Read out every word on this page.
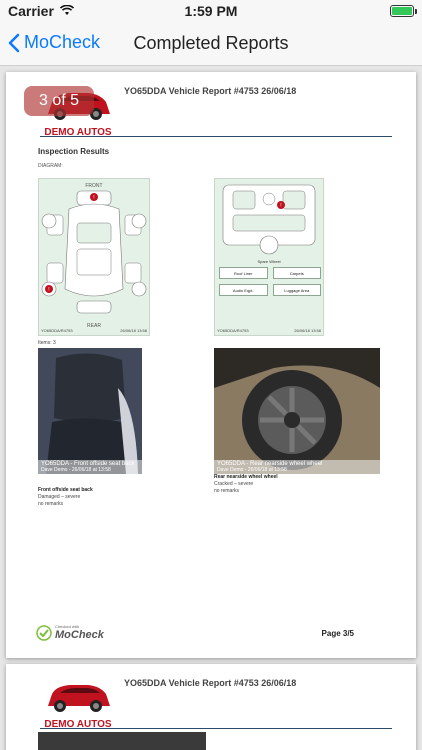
Carrier	1:59 PM
MoCheck	Completed Reports
DEMO AUTOS
3 of 5
YO65DDA Vehicle Report #4753 26/06/18
Inspection Results
DIAGRAM:
FRONT
REAR
!
!
YO65DDA/R4753	26/06/18 13:58
!
Spare Wheel
Roof Liner	Carpets
Audio Eqpt.	Luggage Area
YO65DDA/R4753	26/06/18 13:58
Items: 3
YO65DDA - Front offside seat back
Dave Demo - 26/06/18 at 13:58
Front offside seat back
Damaged – severe
no remarks
YO65DDA - Rear nearside wheel wheel
Dave Demo - 26/06/18 at 13:58
Rear nearside wheel wheel
Cracked – severe
no remarks
Checked with
MoCheck	Page 3/5
DEMO AUTOS
YO65DDA Vehicle Report #4753 26/06/18
